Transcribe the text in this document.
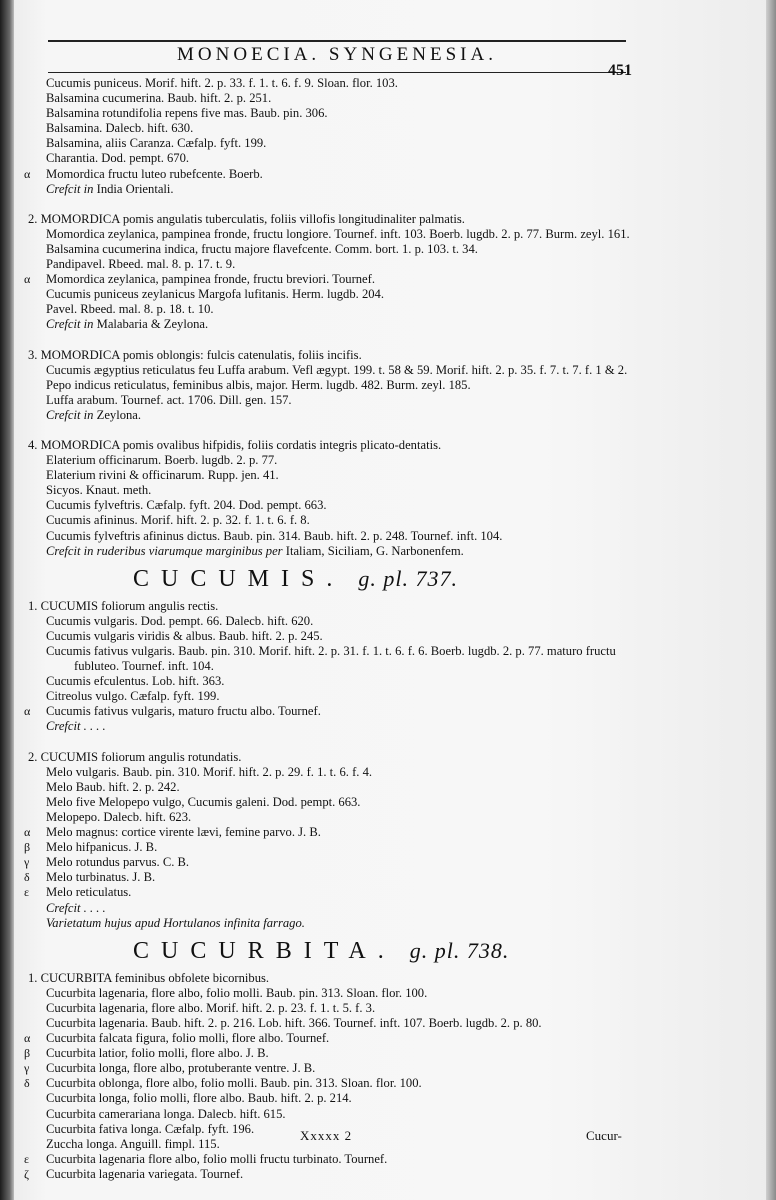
MONOECIA. SYNGENESIA.
451
Cucumis puniceus. Morif. hift. 2. p. 33. f. 1. t. 6. f. 9. Sloan. flor. 103.
Balsamina cucumerina. Baub. hift. 2. p. 251.
Balsamina rotundifolia repens five mas. Baub. pin. 306.
Balsamina. Dalecb. hift. 630.
Balsamina, aliis Caranza. Cæfalp. fyft. 199.
Charantia. Dod. pempt. 670.
α Momordica fructu luteo rubefcente. Boerb.
Crefcit in India Orientali.
2. MOMORDICA pomis angulatis tuberculatis, foliis villofis longitudinaliter palmatis.
Momordica zeylanica, pampinea fronde, fructu longiore. Tournef. inft. 103. Boerb. lugdb. 2. p. 77. Burm. zeyl. 161.
Balsamina cucumerina indica, fructu majore flavefcente. Comm. bort. 1. p. 103. t. 34.
Pandipavel. Rbeed. mal. 8. p. 17. t. 9.
α Momordica zeylanica, pampinea fronde, fructu breviori. Tournef.
Cucumis puniceus zeylanicus Margofa lufitanis. Herm. lugdb. 204.
Pavel. Rbeed. mal. 8. p. 18. t. 10.
Crefcit in Malabaria & Zeylona.
3. MOMORDICA pomis oblongis: fulcis catenulatis, foliis incifis.
Cucumis ægyptius reticulatus feu Luffa arabum. Vefl ægypt. 199. t. 58 & 59. Morif. hift. 2. p. 35. f. 7. t. 7. f. 1 & 2.
Pepo indicus reticulatus, feminibus albis, major. Herm. lugdb. 482. Burm. zeyl. 185.
Luffa arabum. Tournef. act. 1706. Dill. gen. 157.
Crefcit in Zeylona.
4. MOMORDICA pomis ovalibus hifpidis, foliis cordatis integris plicato-dentatis.
Elaterium officinarum. Boerb. lugdb. 2. p. 77.
Elaterium rivini & officinarum. Rupp. jen. 41.
Sicyos. Knaut. meth.
Cucumis fylveftris. Cæfalp. fyft. 204. Dod. pempt. 663.
Cucumis afininus. Morif. hift. 2. p. 32. f. 1. t. 6. f. 8.
Cucumis fylveftris afininus dictus. Baub. pin. 314. Baub. hift. 2. p. 248. Tournef. inft. 104.
Crefcit in ruderibus viarumque marginibus per Italiam, Siciliam, G. Narbonenfem.
CUCUMIS. g. pl. 737.
1. CUCUMIS foliorum angulis rectis.
Cucumis vulgaris. Dod. pempt. 66. Dalecb. hift. 620.
Cucumis vulgaris viridis & albus. Baub. hift. 2. p. 245.
Cucumis fativus vulgaris. Baub. pin. 310. Morif. hift. 2. p. 31. f. 1. t. 6. f. 6. Boerb. lugdb. 2. p. 77. maturo fructu
fubluteo. Tournef. inft. 104.
Cucumis efculentus. Lob. hift. 363.
Citreolus vulgo. Cæfalp. fyft. 199.
α Cucumis fativus vulgaris, maturo fructu albo. Tournef.
Crefcit . . . .
2. CUCUMIS foliorum angulis rotundatis.
Melo vulgaris. Baub. pin. 310. Morif. hift. 2. p. 29. f. 1. t. 6. f. 4.
Melo Baub. hift. 2. p. 242.
Melo five Melopepo vulgo, Cucumis galeni. Dod. pempt. 663.
Melopepo. Dalecb. hift. 623.
α Melo magnus: cortice virente lævi, femine parvo. J. B.
β Melo hifpanicus. J. B.
γ Melo rotundus parvus. C. B.
δ Melo turbinatus. J. B.
ε Melo reticulatus.
Crefcit . . . .
Varietatum hujus apud Hortulanos infinita farrago.
CUCURBITA. g. pl. 738.
1. CUCURBITA feminibus obfolete bicornibus.
Cucurbita lagenaria, flore albo, folio molli. Baub. pin. 313. Sloan. flor. 100.
Cucurbita lagenaria, flore albo. Morif. hift. 2. p. 23. f. 1. t. 5. f. 3.
Cucurbita lagenaria. Baub. hift. 2. p. 216. Lob. hift. 366. Tournef. inft. 107. Boerb. lugdb. 2. p. 80.
α Cucurbita falcata figura, folio molli, flore albo. Tournef.
β Cucurbita latior, folio molli, flore albo. J. B.
γ Cucurbita longa, flore albo, protuberante ventre. J. B.
δ Cucurbita oblonga, flore albo, folio molli. Baub. pin. 313. Sloan. flor. 100.
Cucurbita longa, folio molli, flore albo. Baub. hift. 2. p. 214.
Cucurbita camerariana longa. Dalecb. hift. 615.
Cucurbita fativa longa. Cæfalp. fyft. 196.
Zuccha longa. Anguill. fimpl. 115.
ε Cucurbita lagenaria flore albo, folio molli fructu turbinato. Tournef.
ζ Cucurbita lagenaria variegata. Tournef.
Xxxxx 2	Cucur-
